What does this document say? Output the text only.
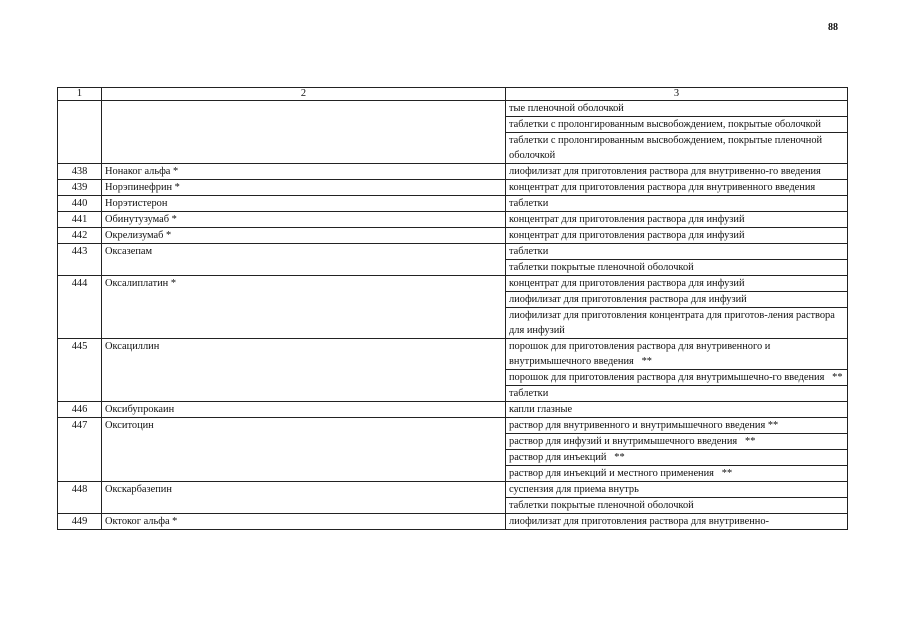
88
1	2	3
		тые пленочной оболочкой
		таблетки с пролонгированным высвобождением, покрытые оболочкой
		таблетки с пролонгированным высвобождением, покрытые пленочной  оболочкой
438	Нонаког альфа *	лиофилизат для приготовления раствора для внутривенно-го введения
439	Норэпинефрин *	концентрат для приготовления раствора для внутривенного введения
440	Норэтистерон	таблетки
441	Обинутузумаб *	концентрат для приготовления раствора для инфузий
442	Окрелизумаб *	концентрат для приготовления раствора для инфузий
443	Оксазепам	таблетки
		таблетки покрытые пленочной оболочкой
444	Оксалиплатин *	концентрат для приготовления раствора для инфузий
		лиофилизат для приготовления раствора для инфузий
		лиофилизат для приготовления концентрата для приготов-ления раствора для инфузий
445	Оксациллин	порошок для приготовления раствора для внутривенного и внутримышечного введения   **
		порошок для приготовления раствора для внутримышечно-го введения   **
		таблетки
446	Оксибупрокаин	капли глазные
447	Окситоцин	раствор для внутривенного и внутримышечного введения **
		раствор для инфузий и внутримышечного введения   **
		раствор для инъекций   **
		раствор для инъекций и местного применения   **
448	Окскарбазепин	суспензия для приема внутрь
		таблетки покрытые пленочной оболочкой
449	Октоког альфа *	лиофилизат для приготовления раствора для внутривенно-
